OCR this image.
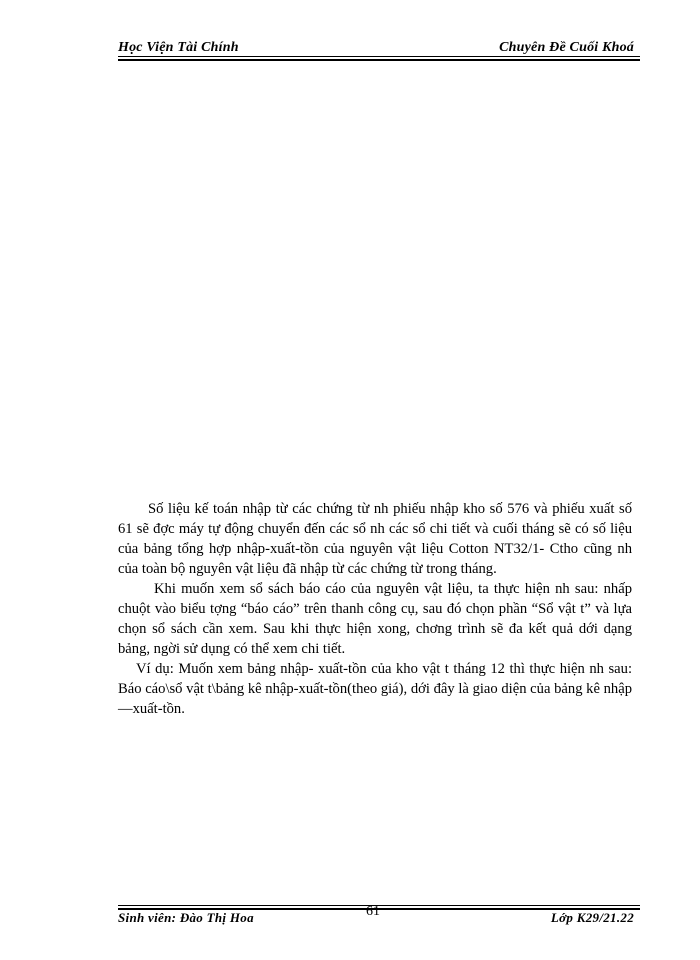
Học Viện Tài Chính	Chuyên Đề Cuối Khoá

Số liệu kế toán nhập từ các chứng từ nh phiếu nhập kho số 576 và phiếu xuất số 61 sẽ đợc máy tự động chuyển đến các sổ nh các sổ chi tiết và cuối tháng sẽ có số liệu của bảng tổng hợp nhập-xuất-tồn của nguyên vật liệu Cotton NT32/1- Ctho cũng nh của toàn bộ nguyên vật liệu đã nhập từ các chứng từ trong tháng.

Khi muốn xem sổ sách báo cáo của nguyên vật liệu, ta thực hiện nh sau: nhấp chuột vào biểu tợng “báo cáo” trên thanh công cụ, sau đó chọn phần “Sổ vật t” và lựa chọn sổ sách cần xem. Sau khi thực hiện xong, chơng trình sẽ đa kết quả dới dạng bảng, ngời sử dụng có thể xem chi tiết.

Ví dụ: Muốn xem bảng nhập- xuất-tồn của kho vật t tháng 12 thì thực hiện nh sau: Báo cáo\sổ vật t\bảng kê nhập-xuất-tồn(theo giá), dới đây là giao diện của bảng kê nhập —xuất-tồn.

Sinh viên: Đào Thị Hoa	61	Lớp K29/21.22
